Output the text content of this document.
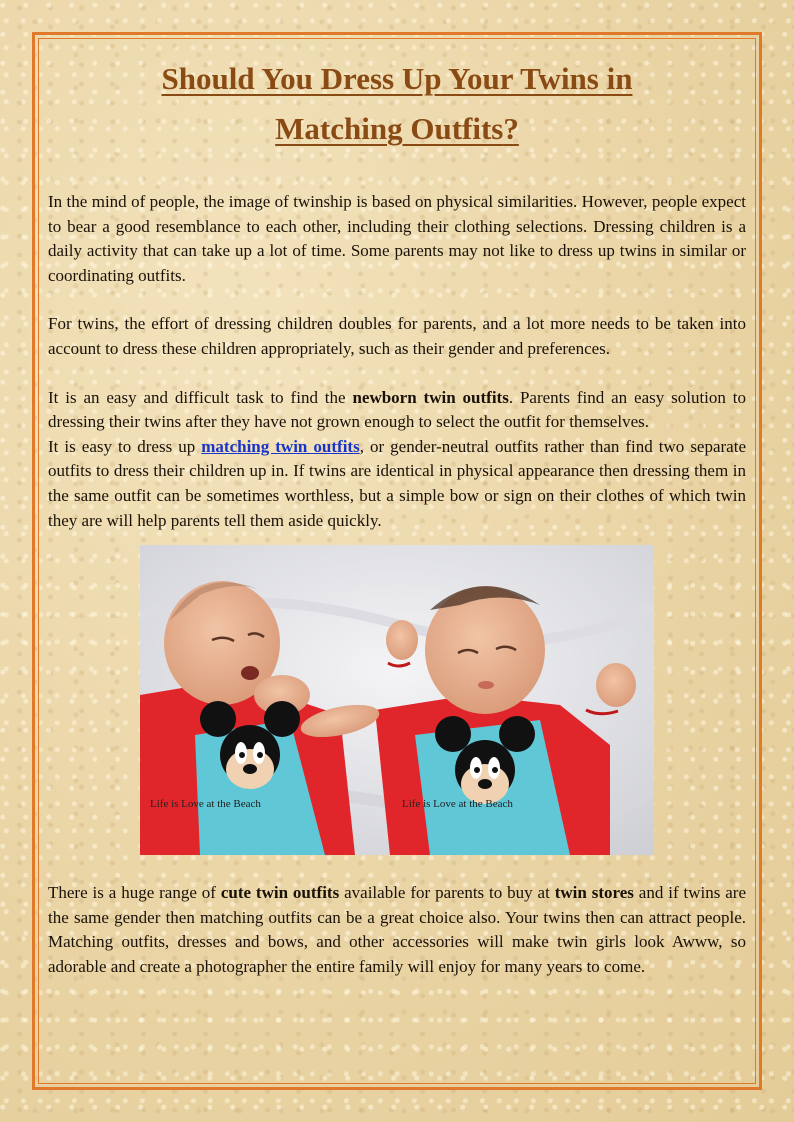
Should You Dress Up Your Twins in
Matching Outfits?

In the mind of people, the image of twinship is based on physical similarities. However, people expect to bear a good resemblance to each other, including their clothing selections. Dressing children is a daily activity that can take up a lot of time. Some parents may not like to dress up twins in similar or coordinating outfits.

For twins, the effort of dressing children doubles for parents, and a lot more needs to be taken into account to dress these children appropriately, such as their gender and preferences.

It is an easy and difficult task to find the newborn twin outfits. Parents find an easy solution to dressing their twins after they have not grown enough to select the outfit for themselves.

It is easy to dress up matching twin outfits, or gender-neutral outfits rather than find two separate outfits to dress their children up in. If twins are identical in physical appearance then dressing them in the same outfit can be sometimes worthless, but a simple bow or sign on their clothes of which twin they are will help parents tell them aside quickly.

Life is Love at the Beach	Life is Love at the Beach

There is a huge range of cute twin outfits available for parents to buy at twin stores and if twins are the same gender then matching outfits can be a great choice also. Your twins then can attract people. Matching outfits, dresses and bows, and other accessories will make twin girls look Awww, so adorable and create a photographer the entire family will enjoy for many years to come.
